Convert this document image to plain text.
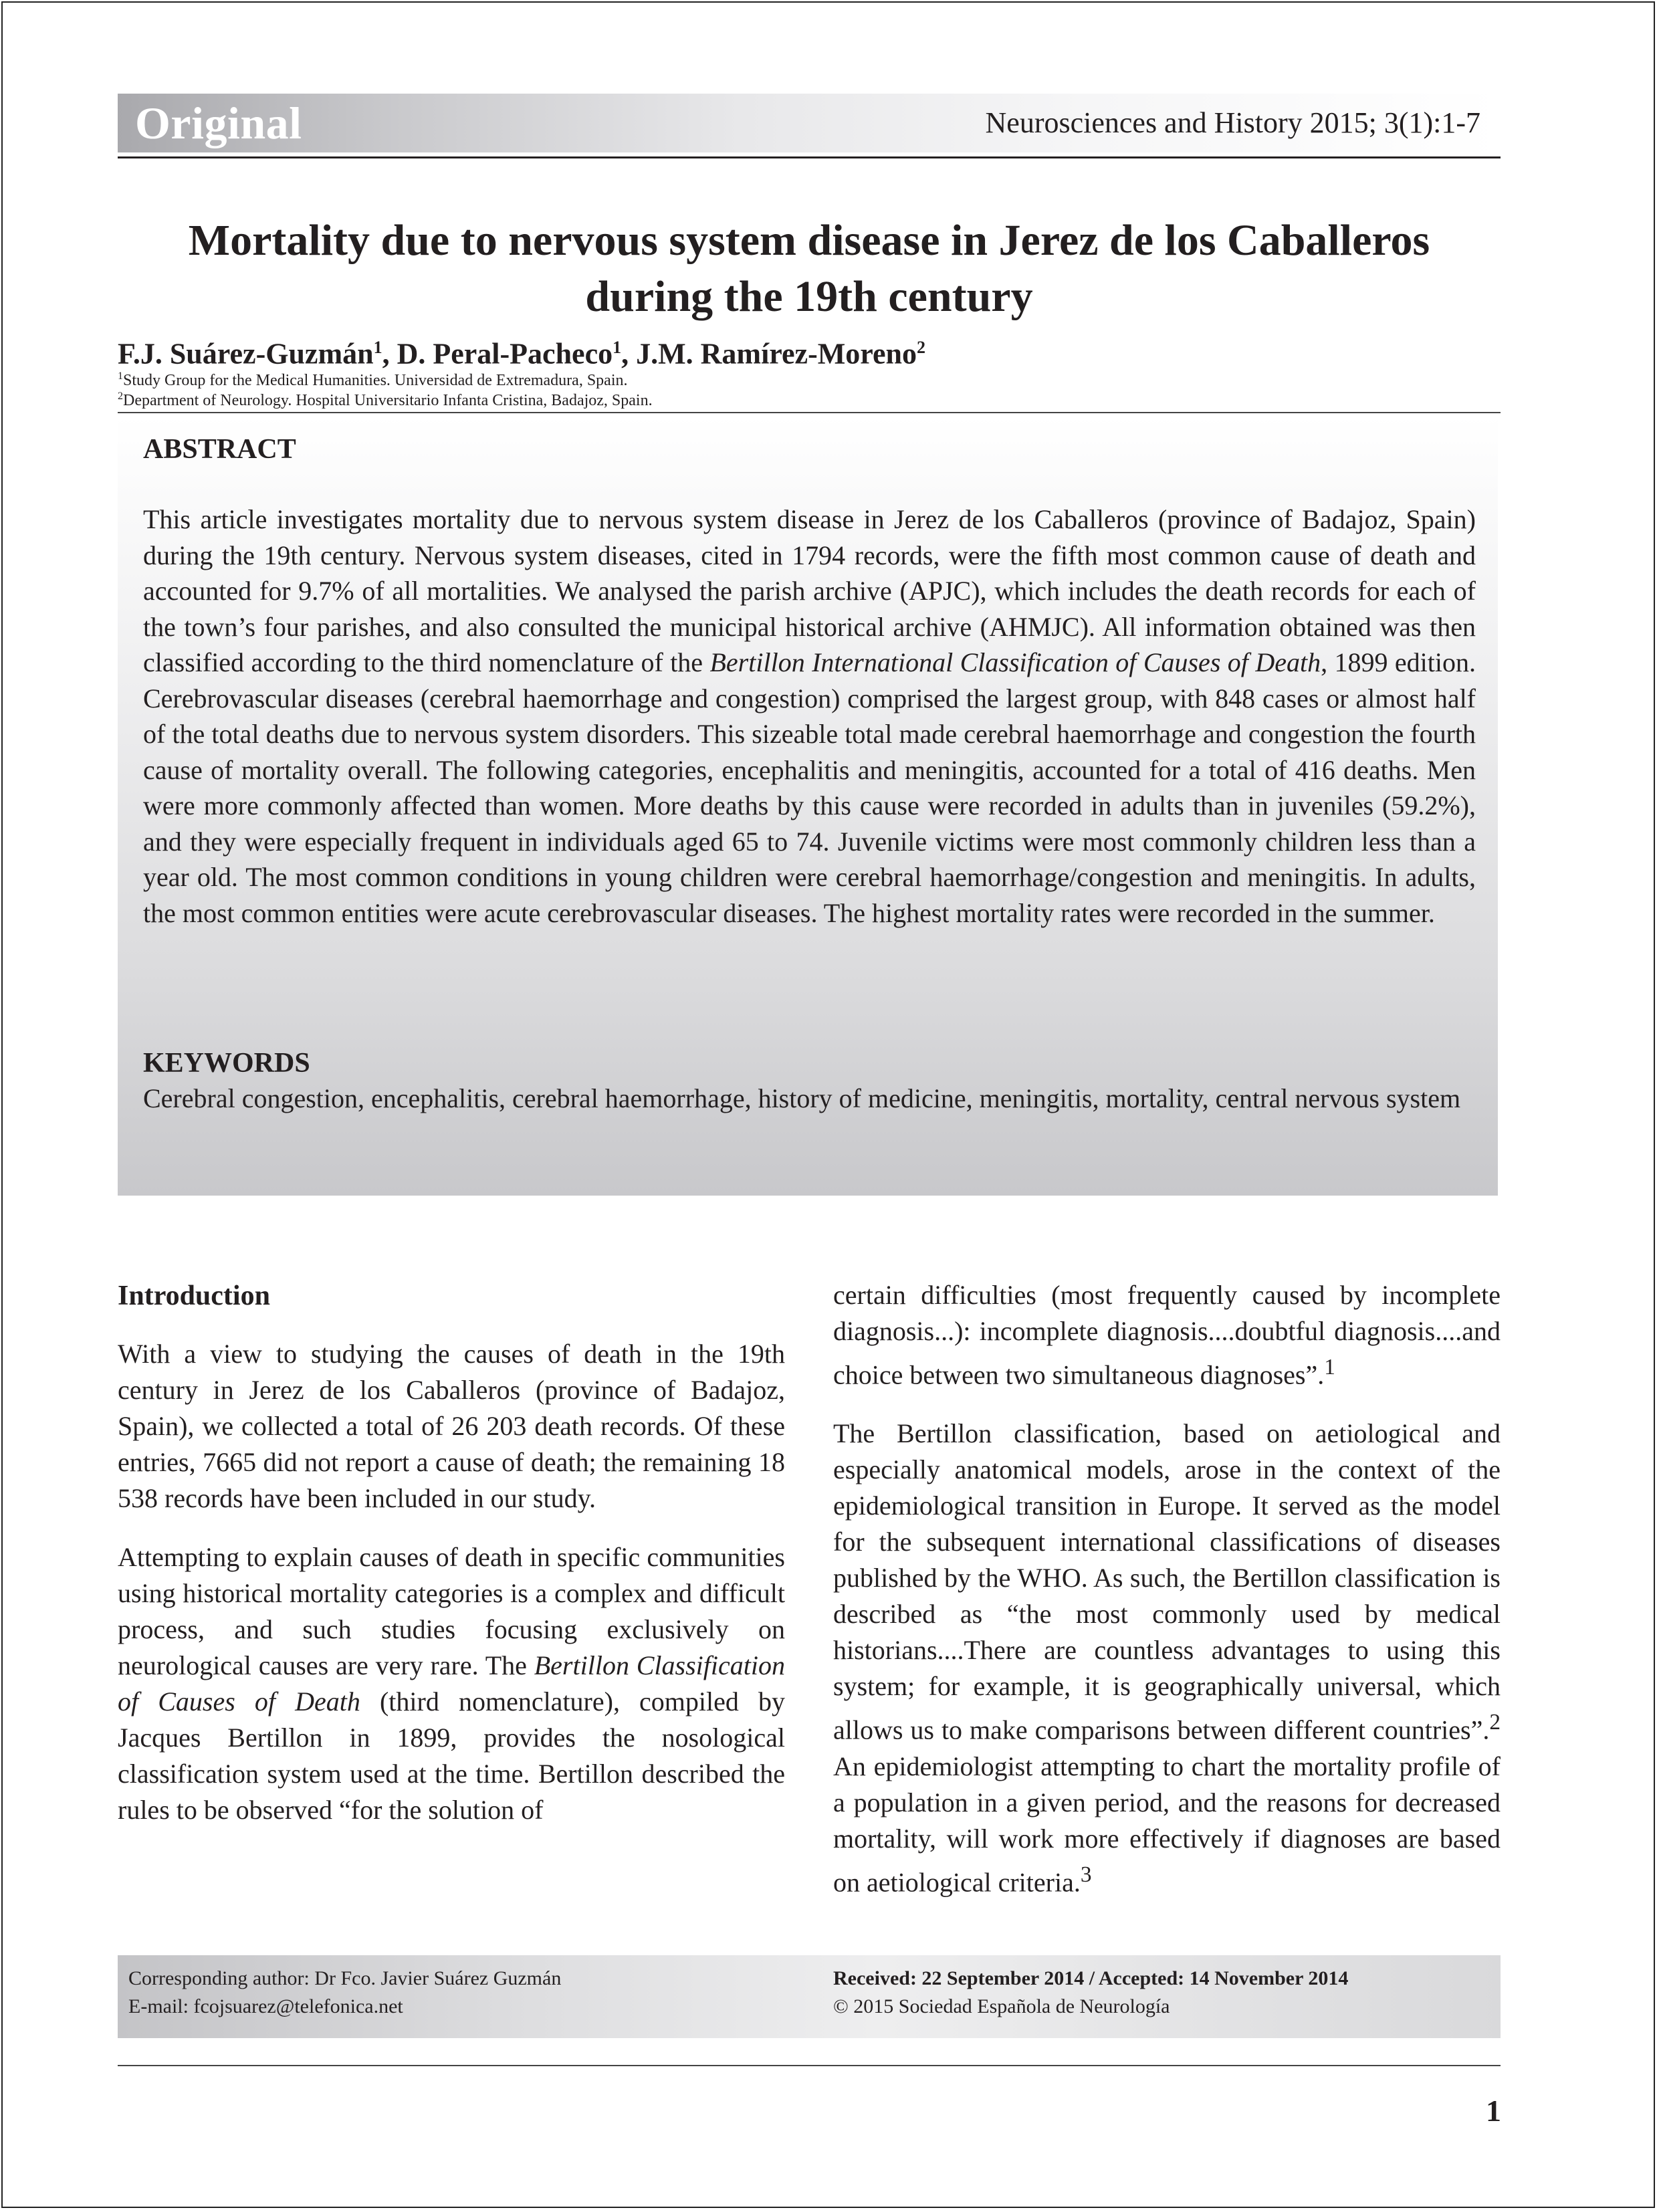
Original	Neurosciences and History 2015; 3(1):1-7
Mortality due to nervous system disease in Jerez de los Caballeros
during the 19th century
F.J. Suárez-Guzmán$^1$, D. Peral-Pacheco$^1$, J.M. Ramírez-Moreno$^2$
$^1$Study Group for the Medical Humanities. Universidad de Extremadura, Spain.
$^2$Department of Neurology. Hospital Universitario Infanta Cristina, Badajoz, Spain.
ABSTRACT
This article investigates mortality due to nervous system disease in Jerez de los Caballeros (province of Badajoz, Spain) during the 19th century. Nervous system diseases, cited in 1794 records, were the fifth most common cause of death and accounted for 9.7% of all mortalities. We analysed the parish archive (APJC), which includes the death records for each of the town’s four parishes, and also consulted the municipal historical archive (AHMJC). All information obtained was then classified according to the third nomenclature of the Bertillon International Classification of Causes of Death, 1899 edition. Cerebrovascular diseases (cerebral haemorrhage and congestion) comprised the largest group, with 848 cases or almost half of the total deaths due to nervous system disorders. This sizeable total made cerebral haemorrhage and congestion the fourth cause of mortality overall. The following categories, encephalitis and meningitis, accounted for a total of 416 deaths. Men were more commonly affected than women. More deaths by this cause were recorded in adults than in juveniles (59.2%), and they were especially frequent in individuals aged 65 to 74. Juvenile victims were most commonly children less than a year old. The most common conditions in young children were cerebral haemorrhage/congestion and meningitis. In adults, the most common entities were acute cerebrovascular diseases. The highest mortality rates were recorded in the summer.
KEYWORDS
Cerebral congestion, encephalitis, cerebral haemorrhage, history of medicine, meningitis, mortality, central nervous system
Introduction

With a view to studying the causes of death in the 19th century in Jerez de los Caballeros (province of Badajoz, Spain), we collected a total of 26 203 death records. Of these entries, 7665 did not report a cause of death; the remaining 18 538 records have been included in our study.

Attempting to explain causes of death in specific communities using historical mortality categories is a complex and difficult process, and such studies focusing exclusively on neurological causes are very rare. The Bertillon Classification of Causes of Death (third nomenclature), compiled by Jacques Bertillon in 1899, provides the nosological classification system used at the time. Bertillon described the rules to be observed “for the solution of

certain difficulties (most frequently caused by incomplete diagnosis...): incomplete diagnosis....doubtful diagnosis....and choice between two simultaneous diagnoses”.$^1$

The Bertillon classification, based on aetiological and especially anatomical models, arose in the context of the epidemiological transition in Europe. It served as the model for the subsequent international classifications of diseases published by the WHO. As such, the Bertillon classification is described as “the most commonly used by medical historians....There are countless advantages to using this system; for example, it is geographically universal, which allows us to make comparisons between different countries”.$^2$ An epidemiologist attempting to chart the mortality profile of a population in a given period, and the reasons for decreased mortality, will work more effectively if diagnoses are based on aetiological criteria.$^3$

Corresponding author: Dr Fco. Javier Suárez Guzmán
E-mail: fcojsuarez@telefonica.net
Received: 22 September 2014 / Accepted: 14 November 2014
© 2015 Sociedad Española de Neurología
1
